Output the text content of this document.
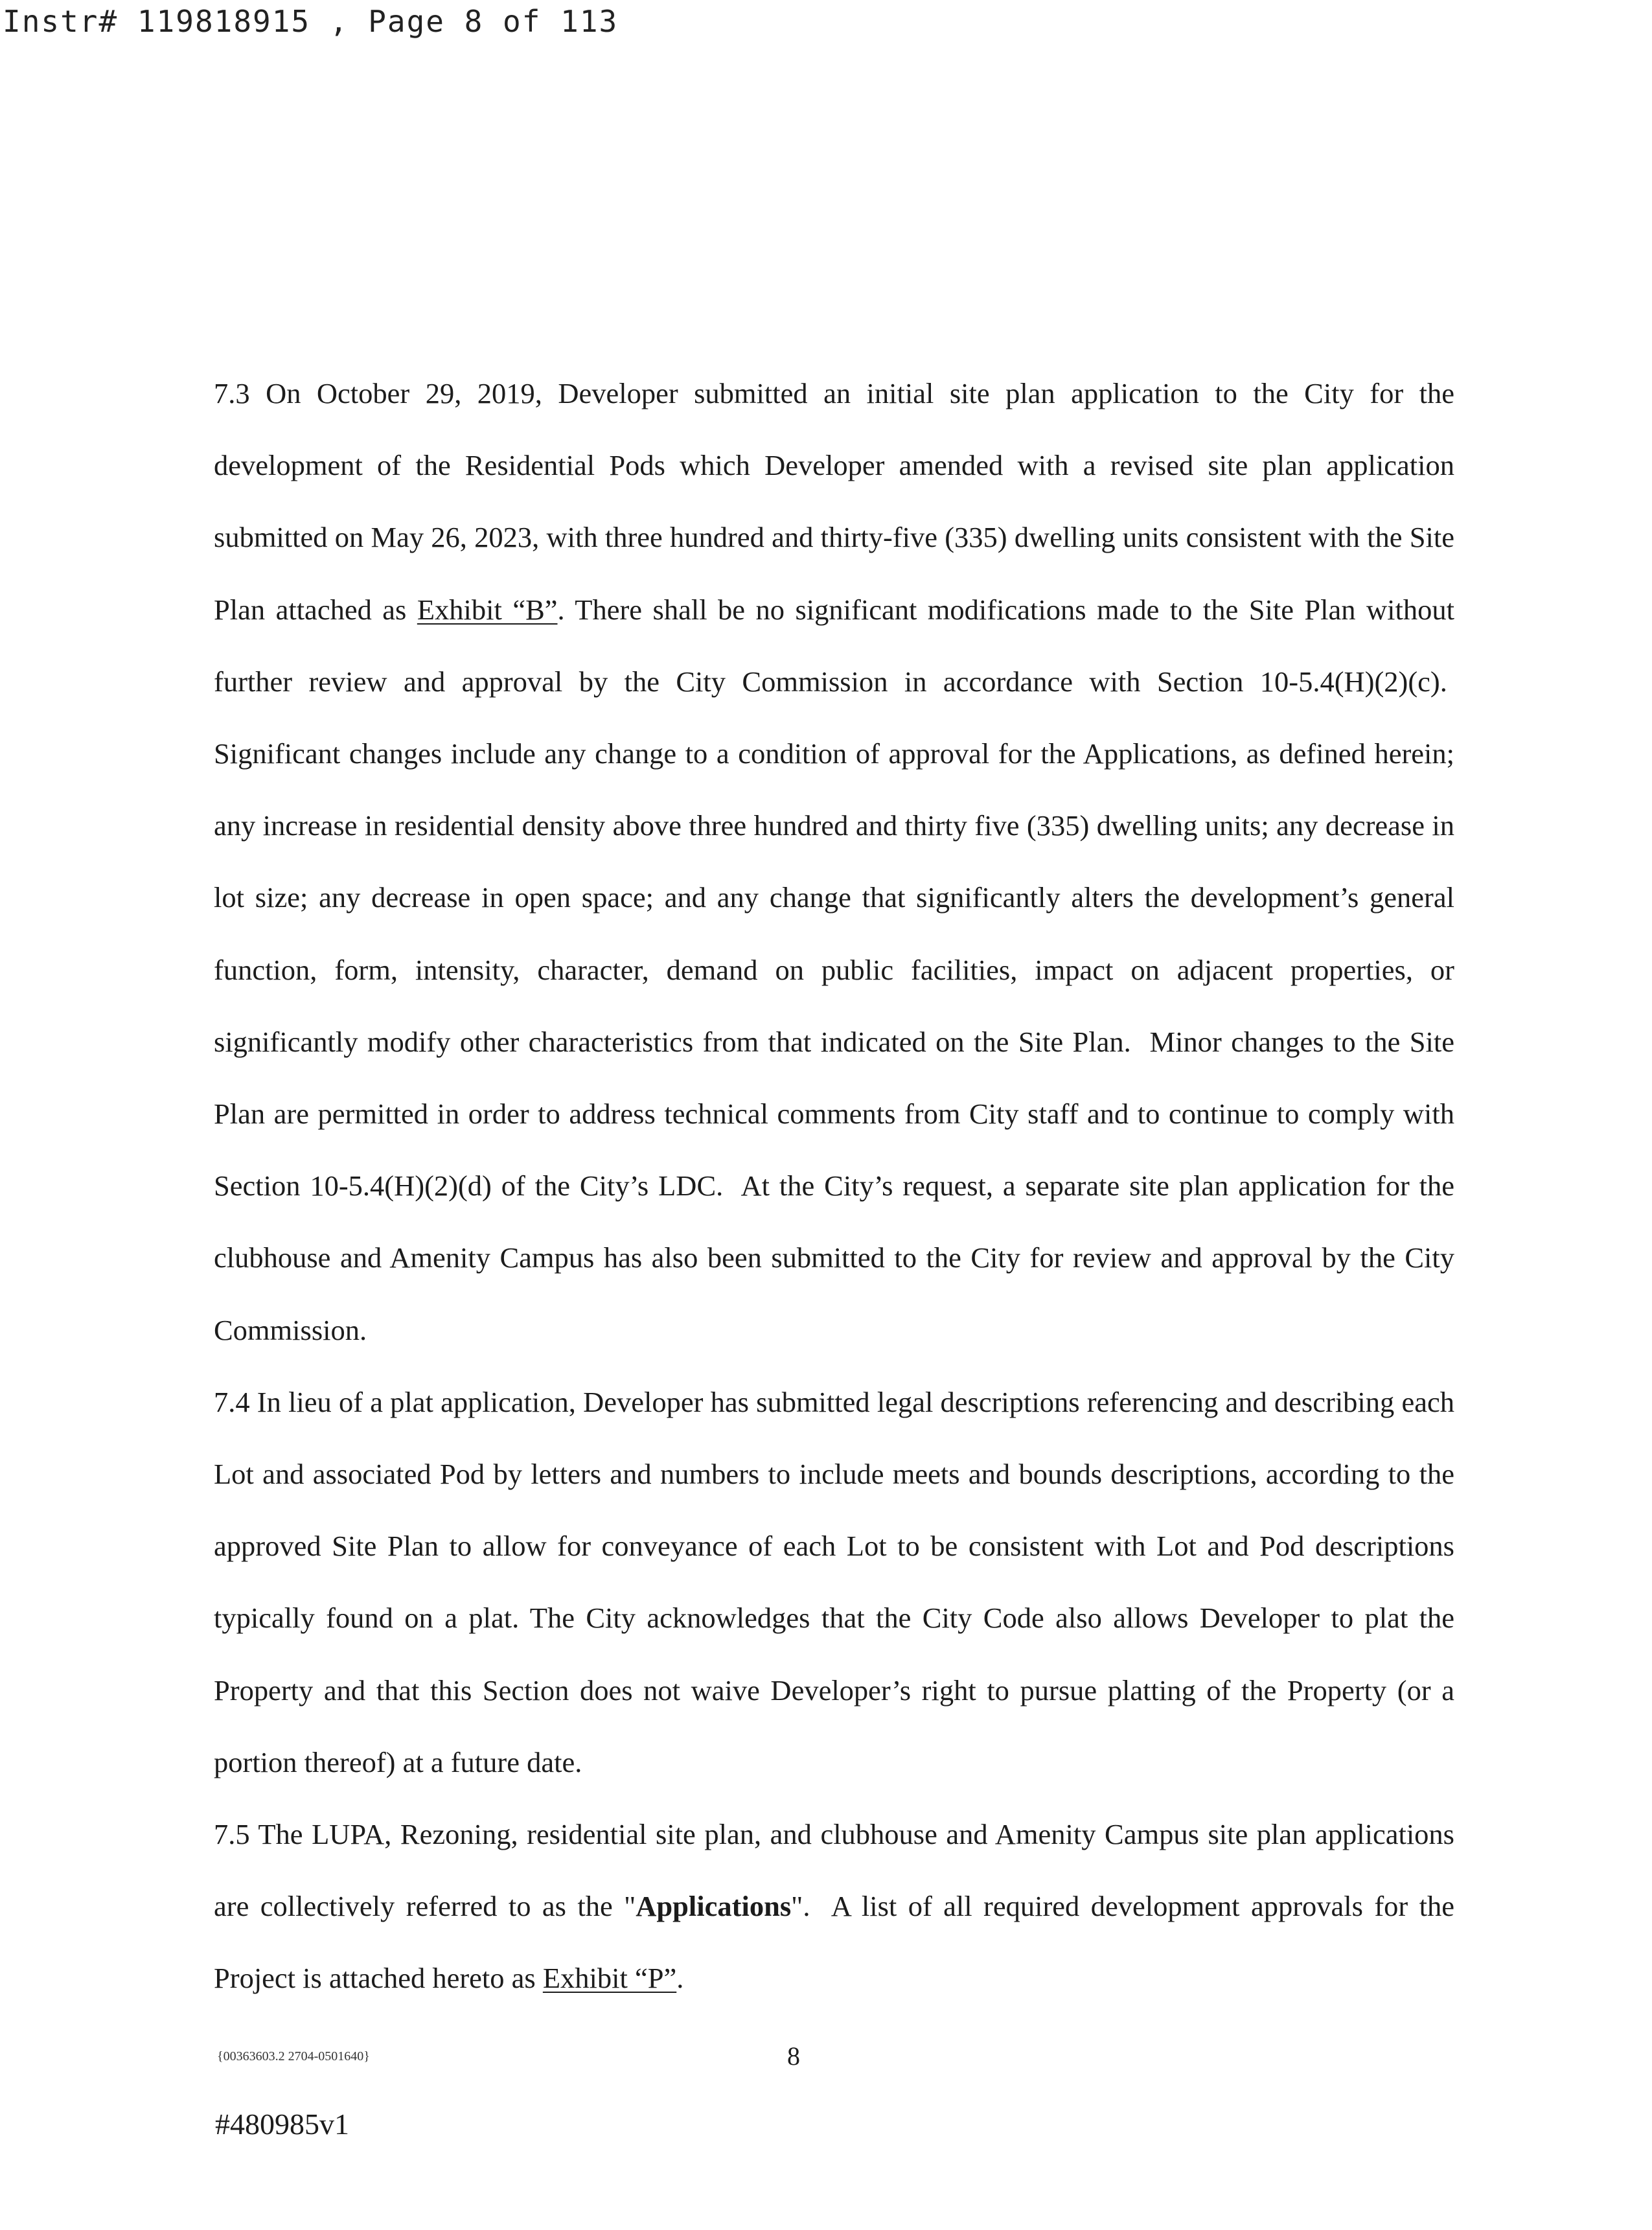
Instr# 119818915 , Page 8 of 113

7.3 On October 29, 2019, Developer submitted an initial site plan application to the City for the development of the Residential Pods which Developer amended with a revised site plan application submitted on May 26, 2023, with three hundred and thirty-five (335) dwelling units consistent with the Site Plan attached as Exhibit “B”. There shall be no significant modifications made to the Site Plan without further review and approval by the City Commission in accordance with Section 10-5.4(H)(2)(c).  Significant changes include any change to a condition of approval for the Applications, as defined herein; any increase in residential density above three hundred and thirty five (335) dwelling units; any decrease in lot size; any decrease in open space; and any change that significantly alters the development’s general function, form, intensity, character, demand on public facilities, impact on adjacent properties, or significantly modify other characteristics from that indicated on the Site Plan.  Minor changes to the Site Plan are permitted in order to address technical comments from City staff and to continue to comply with Section 10-5.4(H)(2)(d) of the City’s LDC.  At the City’s request, a separate site plan application for the clubhouse and Amenity Campus has also been submitted to the City for review and approval by the City Commission.

7.4 In lieu of a plat application, Developer has submitted legal descriptions referencing and describing each Lot and associated Pod by letters and numbers to include meets and bounds descriptions, according to the approved Site Plan to allow for conveyance of each Lot to be consistent with Lot and Pod descriptions typically found on a plat. The City acknowledges that the City Code also allows Developer to plat the Property and that this Section does not waive Developer’s right to pursue platting of the Property (or a portion thereof) at a future date.

7.5 The LUPA, Rezoning, residential site plan, and clubhouse and Amenity Campus site plan applications are collectively referred to as the "Applications".  A list of all required development approvals for the Project is attached hereto as Exhibit “P”.

{00363603.2 2704-0501640}	8
#480985v1
